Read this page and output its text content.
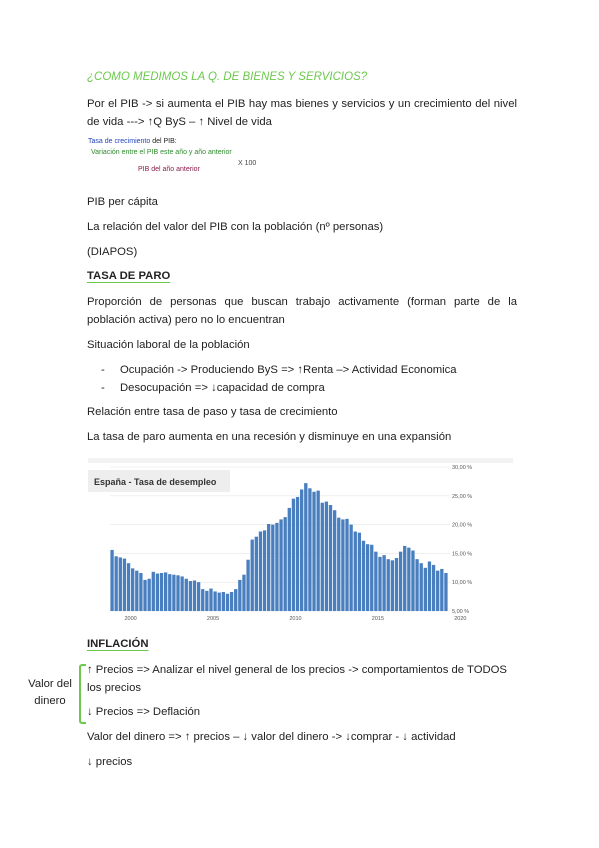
¿COMO MEDIMOS LA Q. DE BIENES Y SERVICIOS?
Por el PIB -> si aumenta el PIB hay mas bienes y servicios y un crecimiento del nivel de vida ---> ↑Q ByS – ↑ Nivel de vida
Tasa de crecimiento del PIB:
Variación entre el PIB este año y año anterior
X 100
PIB del año anterior
PIB per cápita
La relación del valor del PIB con la población (nº personas)
(DIAPOS)
TASA DE PARO
Proporción de personas que buscan trabajo activamente (forman parte de la población activa) pero no lo encuentran
Situación laboral de la población
- Ocupación -> Produciendo ByS => ↑Renta –> Actividad Economica
- Desocupación => ↓capacidad de compra
Relación entre tasa de paso y tasa de crecimiento
La tasa de paro aumenta en una recesión y disminuye en una expansión
España - Tasa de desempleo
30,00 %
25,00 %
20,00 %
15,00 %
10,00 %
5,00 %
2000	2005	2010	2015	2020
INFLACIÓN
Valor del dinero
↑ Precios => Analizar el nivel general de los precios -> comportamientos de TODOS los precios
↓ Precios => Deflación
Valor del dinero => ↑ precios – ↓ valor del dinero -> ↓comprar - ↓ actividad
↓ precios
